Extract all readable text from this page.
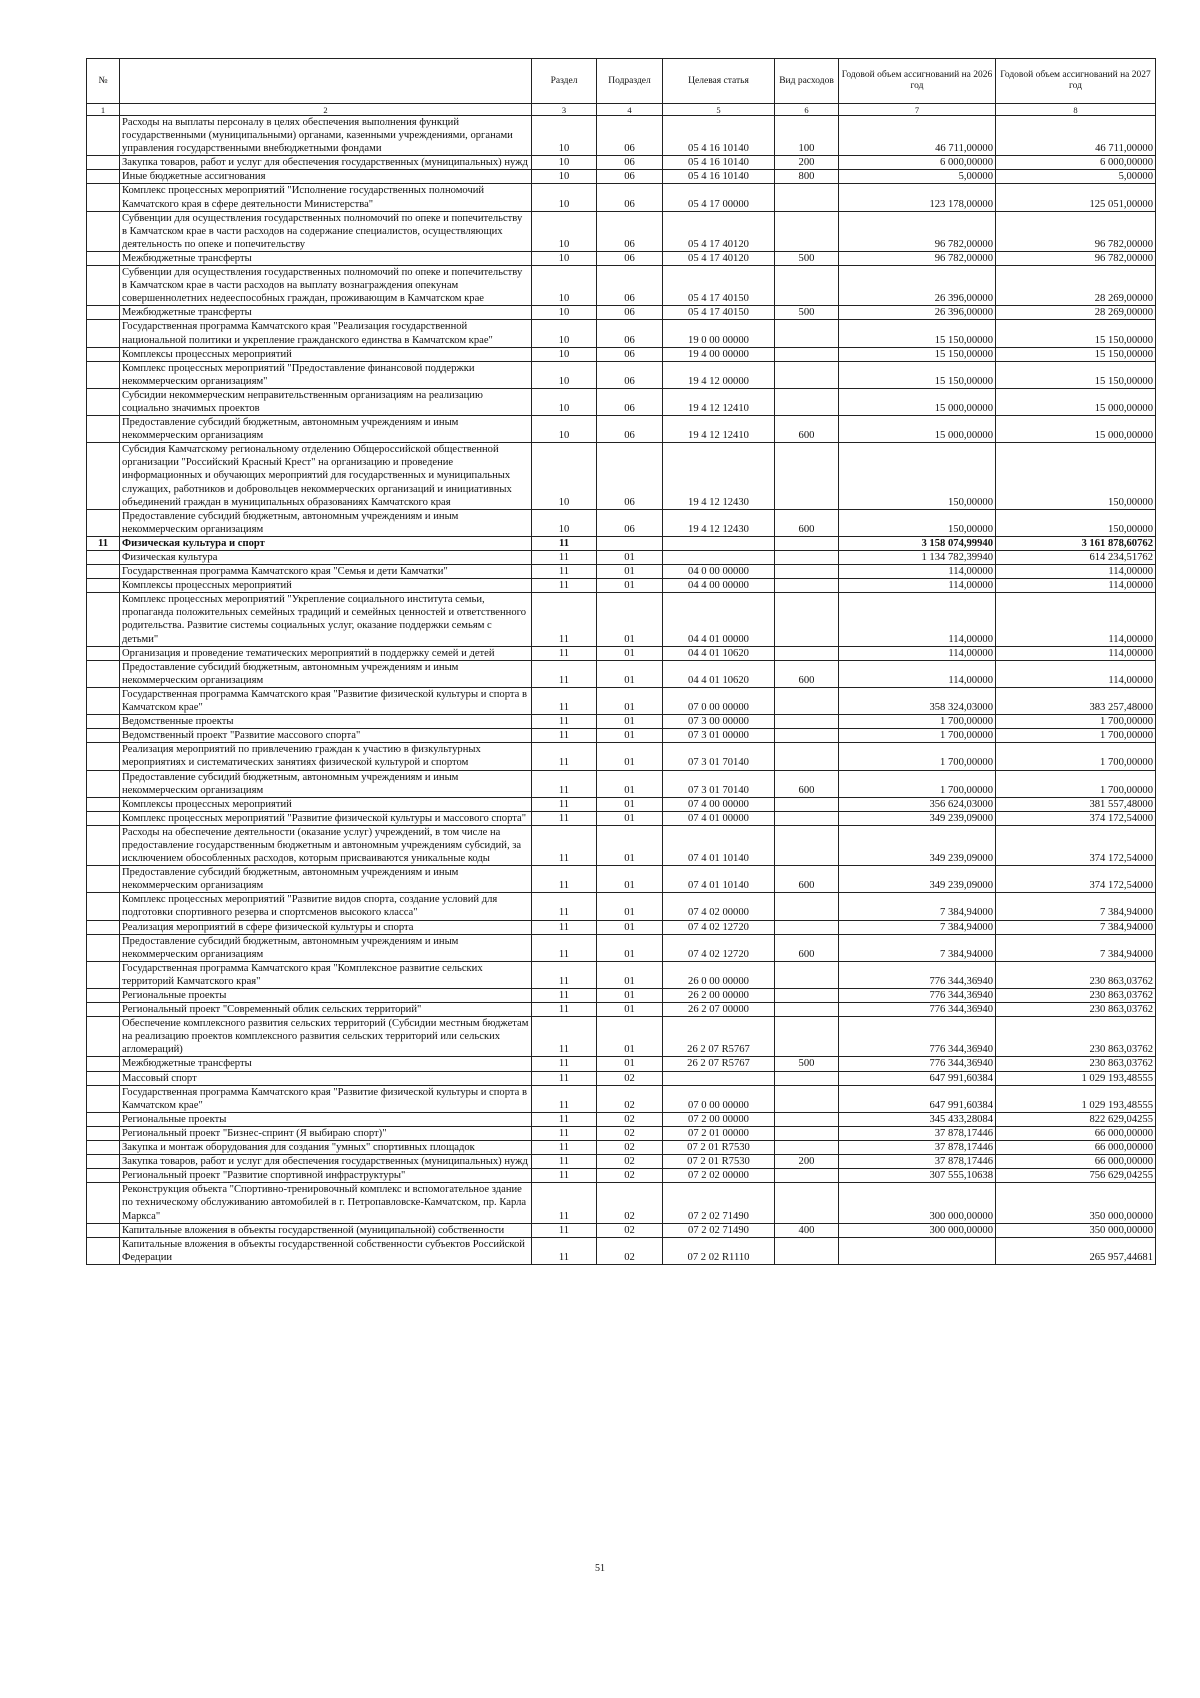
№		Раздел	Подраздел	Целевая статья	Вид расходов	Годовой объем ассигнований на 2026 год	Годовой объем ассигнований на 2027 год
1	2	3	4	5	6	7	8
	Расходы на выплаты персоналу в целях обеспечения выполнения функций государственными (муниципальными) органами, казенными учреждениями, органами управления государственными внебюджетными фондами	10	06	05 4 16 10140	100	46 711,00000	46 711,00000
	Закупка товаров, работ и услуг для обеспечения государственных (муниципальных) нужд	10	06	05 4 16 10140	200	6 000,00000	6 000,00000
	Иные бюджетные ассигнования	10	06	05 4 16 10140	800	5,00000	5,00000
	Комплекс процессных мероприятий "Исполнение государственных полномочий Камчатского края в сфере деятельности Министерства"	10	06	05 4 17 00000		123 178,00000	125 051,00000
	Субвенции для осуществления государственных полномочий по опеке и попечительству в Камчатском крае в части расходов на содержание специалистов, осуществляющих деятельность по опеке и попечительству	10	06	05 4 17 40120		96 782,00000	96 782,00000
	Межбюджетные трансферты	10	06	05 4 17 40120	500	96 782,00000	96 782,00000
	Субвенции для осуществления государственных полномочий по опеке и попечительству в Камчатском крае в части расходов на выплату вознаграждения опекунам совершеннолетних недееспособных граждан, проживающим в Камчатском крае	10	06	05 4 17 40150		26 396,00000	28 269,00000
	Межбюджетные трансферты	10	06	05 4 17 40150	500	26 396,00000	28 269,00000
	Государственная программа Камчатского края "Реализация государственной национальной политики и укрепление гражданского единства в Камчатском крае"	10	06	19 0 00 00000		15 150,00000	15 150,00000
	Комплексы процессных мероприятий	10	06	19 4 00 00000		15 150,00000	15 150,00000
	Комплекс процессных мероприятий "Предоставление финансовой поддержки некоммерческим организациям"	10	06	19 4 12 00000		15 150,00000	15 150,00000
	Субсидии некоммерческим неправительственным организациям на реализацию социально значимых проектов	10	06	19 4 12 12410		15 000,00000	15 000,00000
	Предоставление субсидий бюджетным, автономным учреждениям и иным некоммерческим организациям	10	06	19 4 12 12410	600	15 000,00000	15 000,00000
	Субсидия Камчатскому региональному отделению Общероссийской общественной организации "Российский Красный Крест" на организацию и проведение информационных и обучающих мероприятий для государственных и муниципальных служащих, работников и добровольцев некоммерческих организаций и инициативных объединений граждан в муниципальных образованиях Камчатского края	10	06	19 4 12 12430		150,00000	150,00000
	Предоставление субсидий бюджетным, автономным учреждениям и иным некоммерческим организациям	10	06	19 4 12 12430	600	150,00000	150,00000
11	Физическая культура и спорт	11				3 158 074,99940	3 161 878,60762
	Физическая культура	11	01			1 134 782,39940	614 234,51762
	Государственная программа Камчатского края "Семья и дети Камчатки"	11	01	04 0 00 00000		114,00000	114,00000
	Комплексы процессных мероприятий	11	01	04 4 00 00000		114,00000	114,00000
	Комплекс процессных мероприятий "Укрепление социального института семьи, пропаганда положительных семейных традиций и семейных ценностей и ответственного родительства. Развитие системы социальных услуг, оказание поддержки семьям с детьми"	11	01	04 4 01 00000		114,00000	114,00000
	Организация и проведение тематических мероприятий в поддержку семей и детей	11	01	04 4 01 10620		114,00000	114,00000
	Предоставление субсидий бюджетным, автономным учреждениям и иным некоммерческим организациям	11	01	04 4 01 10620	600	114,00000	114,00000
	Государственная программа Камчатского края "Развитие физической культуры и спорта в Камчатском крае"	11	01	07 0 00 00000		358 324,03000	383 257,48000
	Ведомственные проекты	11	01	07 3 00 00000		1 700,00000	1 700,00000
	Ведомственный проект "Развитие массового спорта"	11	01	07 3 01 00000		1 700,00000	1 700,00000
	Реализация мероприятий по привлечению граждан к участию в физкультурных мероприятиях и систематических занятиях физической культурой и спортом	11	01	07 3 01 70140		1 700,00000	1 700,00000
	Предоставление субсидий бюджетным, автономным учреждениям и иным некоммерческим организациям	11	01	07 3 01 70140	600	1 700,00000	1 700,00000
	Комплексы процессных мероприятий	11	01	07 4 00 00000		356 624,03000	381 557,48000
	Комплекс процессных мероприятий "Развитие физической культуры и массового спорта"	11	01	07 4 01 00000		349 239,09000	374 172,54000
	Расходы на обеспечение деятельности (оказание услуг) учреждений, в том числе на предоставление государственным бюджетным и автономным учреждениям субсидий, за исключением обособленных расходов, которым присваиваются уникальные коды	11	01	07 4 01 10140		349 239,09000	374 172,54000
	Предоставление субсидий бюджетным, автономным учреждениям и иным некоммерческим организациям	11	01	07 4 01 10140	600	349 239,09000	374 172,54000
	Комплекс процессных мероприятий "Развитие видов спорта, создание условий для подготовки спортивного резерва и спортсменов высокого класса"	11	01	07 4 02 00000		7 384,94000	7 384,94000
	Реализация мероприятий в сфере физической культуры и спорта	11	01	07 4 02 12720		7 384,94000	7 384,94000
	Предоставление субсидий бюджетным, автономным учреждениям и иным некоммерческим организациям	11	01	07 4 02 12720	600	7 384,94000	7 384,94000
	Государственная программа Камчатского края "Комплексное развитие сельских территорий Камчатского края"	11	01	26 0 00 00000		776 344,36940	230 863,03762
	Региональные проекты	11	01	26 2 00 00000		776 344,36940	230 863,03762
	Региональный проект "Современный облик сельских территорий"	11	01	26 2 07 00000		776 344,36940	230 863,03762
	Обеспечение комплексного развития сельских территорий (Субсидии местным бюджетам на реализацию проектов комплексного развития сельских территорий или сельских агломераций)	11	01	26 2 07 R5767		776 344,36940	230 863,03762
	Межбюджетные трансферты	11	01	26 2 07 R5767	500	776 344,36940	230 863,03762
	Массовый спорт	11	02			647 991,60384	1 029 193,48555
	Государственная программа Камчатского края "Развитие физической культуры и спорта в Камчатском крае"	11	02	07 0 00 00000		647 991,60384	1 029 193,48555
	Региональные проекты	11	02	07 2 00 00000		345 433,28084	822 629,04255
	Региональный проект "Бизнес-спринт (Я выбираю спорт)"	11	02	07 2 01 00000		37 878,17446	66 000,00000
	Закупка и монтаж оборудования для создания "умных" спортивных площадок	11	02	07 2 01 R7530		37 878,17446	66 000,00000
	Закупка товаров, работ и услуг для обеспечения государственных (муниципальных) нужд	11	02	07 2 01 R7530	200	37 878,17446	66 000,00000
	Региональный проект "Развитие спортивной инфраструктуры"	11	02	07 2 02 00000		307 555,10638	756 629,04255
	Реконструкция объекта "Спортивно-тренировочный комплекс и вспомогательное здание по техническому обслуживанию автомобилей в г. Петропавловске-Камчатском, пр. Карла Маркса"	11	02	07 2 02 71490		300 000,00000	350 000,00000
	Капитальные вложения в объекты государственной (муниципальной) собственности	11	02	07 2 02 71490	400	300 000,00000	350 000,00000
	Капитальные вложения в объекты государственной собственности субъектов Российской Федерации	11	02	07 2 02 R1110			265 957,44681
51
